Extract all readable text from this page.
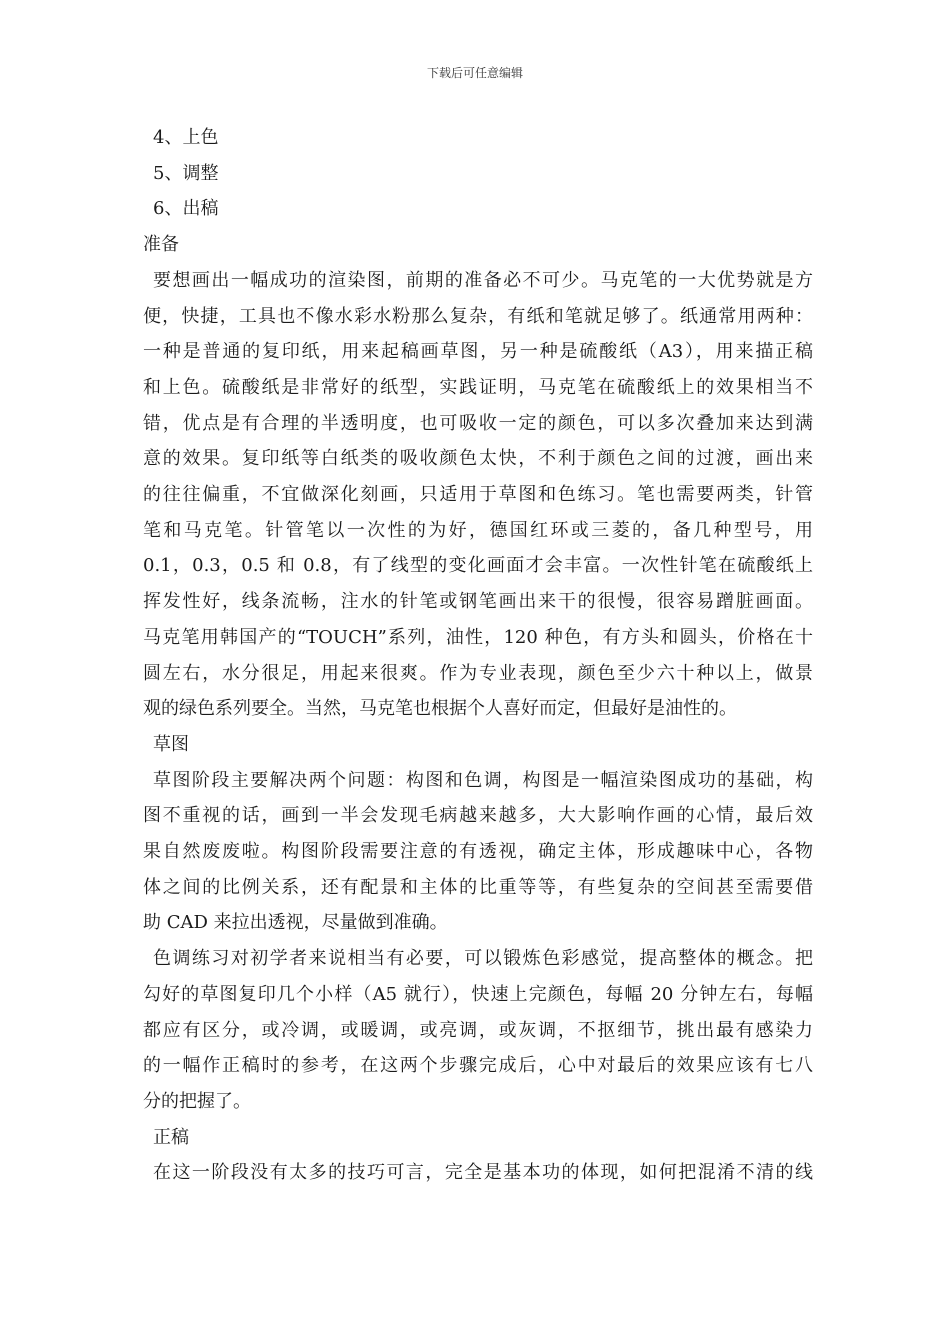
下载后可任意编辑

4、上色

5、调整

6、出稿

准备

要想画出一幅成功的渲染图，前期的准备必不可少。马克笔的一大优势就是方

便，快捷，工具也不像水彩水粉那么复杂，有纸和笔就足够了。纸通常用两种：

一种是普通的复印纸，用来起稿画草图，另一种是硫酸纸（A3），用来描正稿

和上色。硫酸纸是非常好的纸型，实践证明，马克笔在硫酸纸上的效果相当不

错，优点是有合理的半透明度，也可吸收一定的颜色，可以多次叠加来达到满

意的效果。复印纸等白纸类的吸收颜色太快，不利于颜色之间的过渡，画出来

的往往偏重，不宜做深化刻画，只适用于草图和色练习。笔也需要两类，针管

笔和马克笔。针管笔以一次性的为好，德国红环或三菱的，备几种型号，用

0.1，0.3，0.5 和 0.8，有了线型的变化画面才会丰富。一次性针笔在硫酸纸上

挥发性好，线条流畅，注水的针笔或钢笔画出来干的很慢，很容易蹭脏画面。

马克笔用韩国产的“TOUCH”系列，油性，120 种色，有方头和圆头，价格在十

圆左右，水分很足，用起来很爽。作为专业表现，颜色至少六十种以上，做景

观的绿色系列要全。当然，马克笔也根据个人喜好而定，但最好是油性的。

草图

草图阶段主要解决两个问题：构图和色调，构图是一幅渲染图成功的基础，构

图不重视的话，画到一半会发现毛病越来越多，大大影响作画的心情，最后效

果自然废废啦。构图阶段需要注意的有透视，确定主体，形成趣味中心，各物

体之间的比例关系，还有配景和主体的比重等等，有些复杂的空间甚至需要借

助 CAD 来拉出透视，尽量做到准确。

色调练习对初学者来说相当有必要，可以锻炼色彩感觉，提高整体的概念。把

勾好的草图复印几个小样（A5 就行），快速上完颜色，每幅 20 分钟左右，每幅

都应有区分，或冷调，或暖调，或亮调，或灰调，不抠细节，挑出最有感染力

的一幅作正稿时的参考，在这两个步骤完成后，心中对最后的效果应该有七八

分的把握了。

正稿

在这一阶段没有太多的技巧可言，完全是基本功的体现，如何把混淆不清的线
